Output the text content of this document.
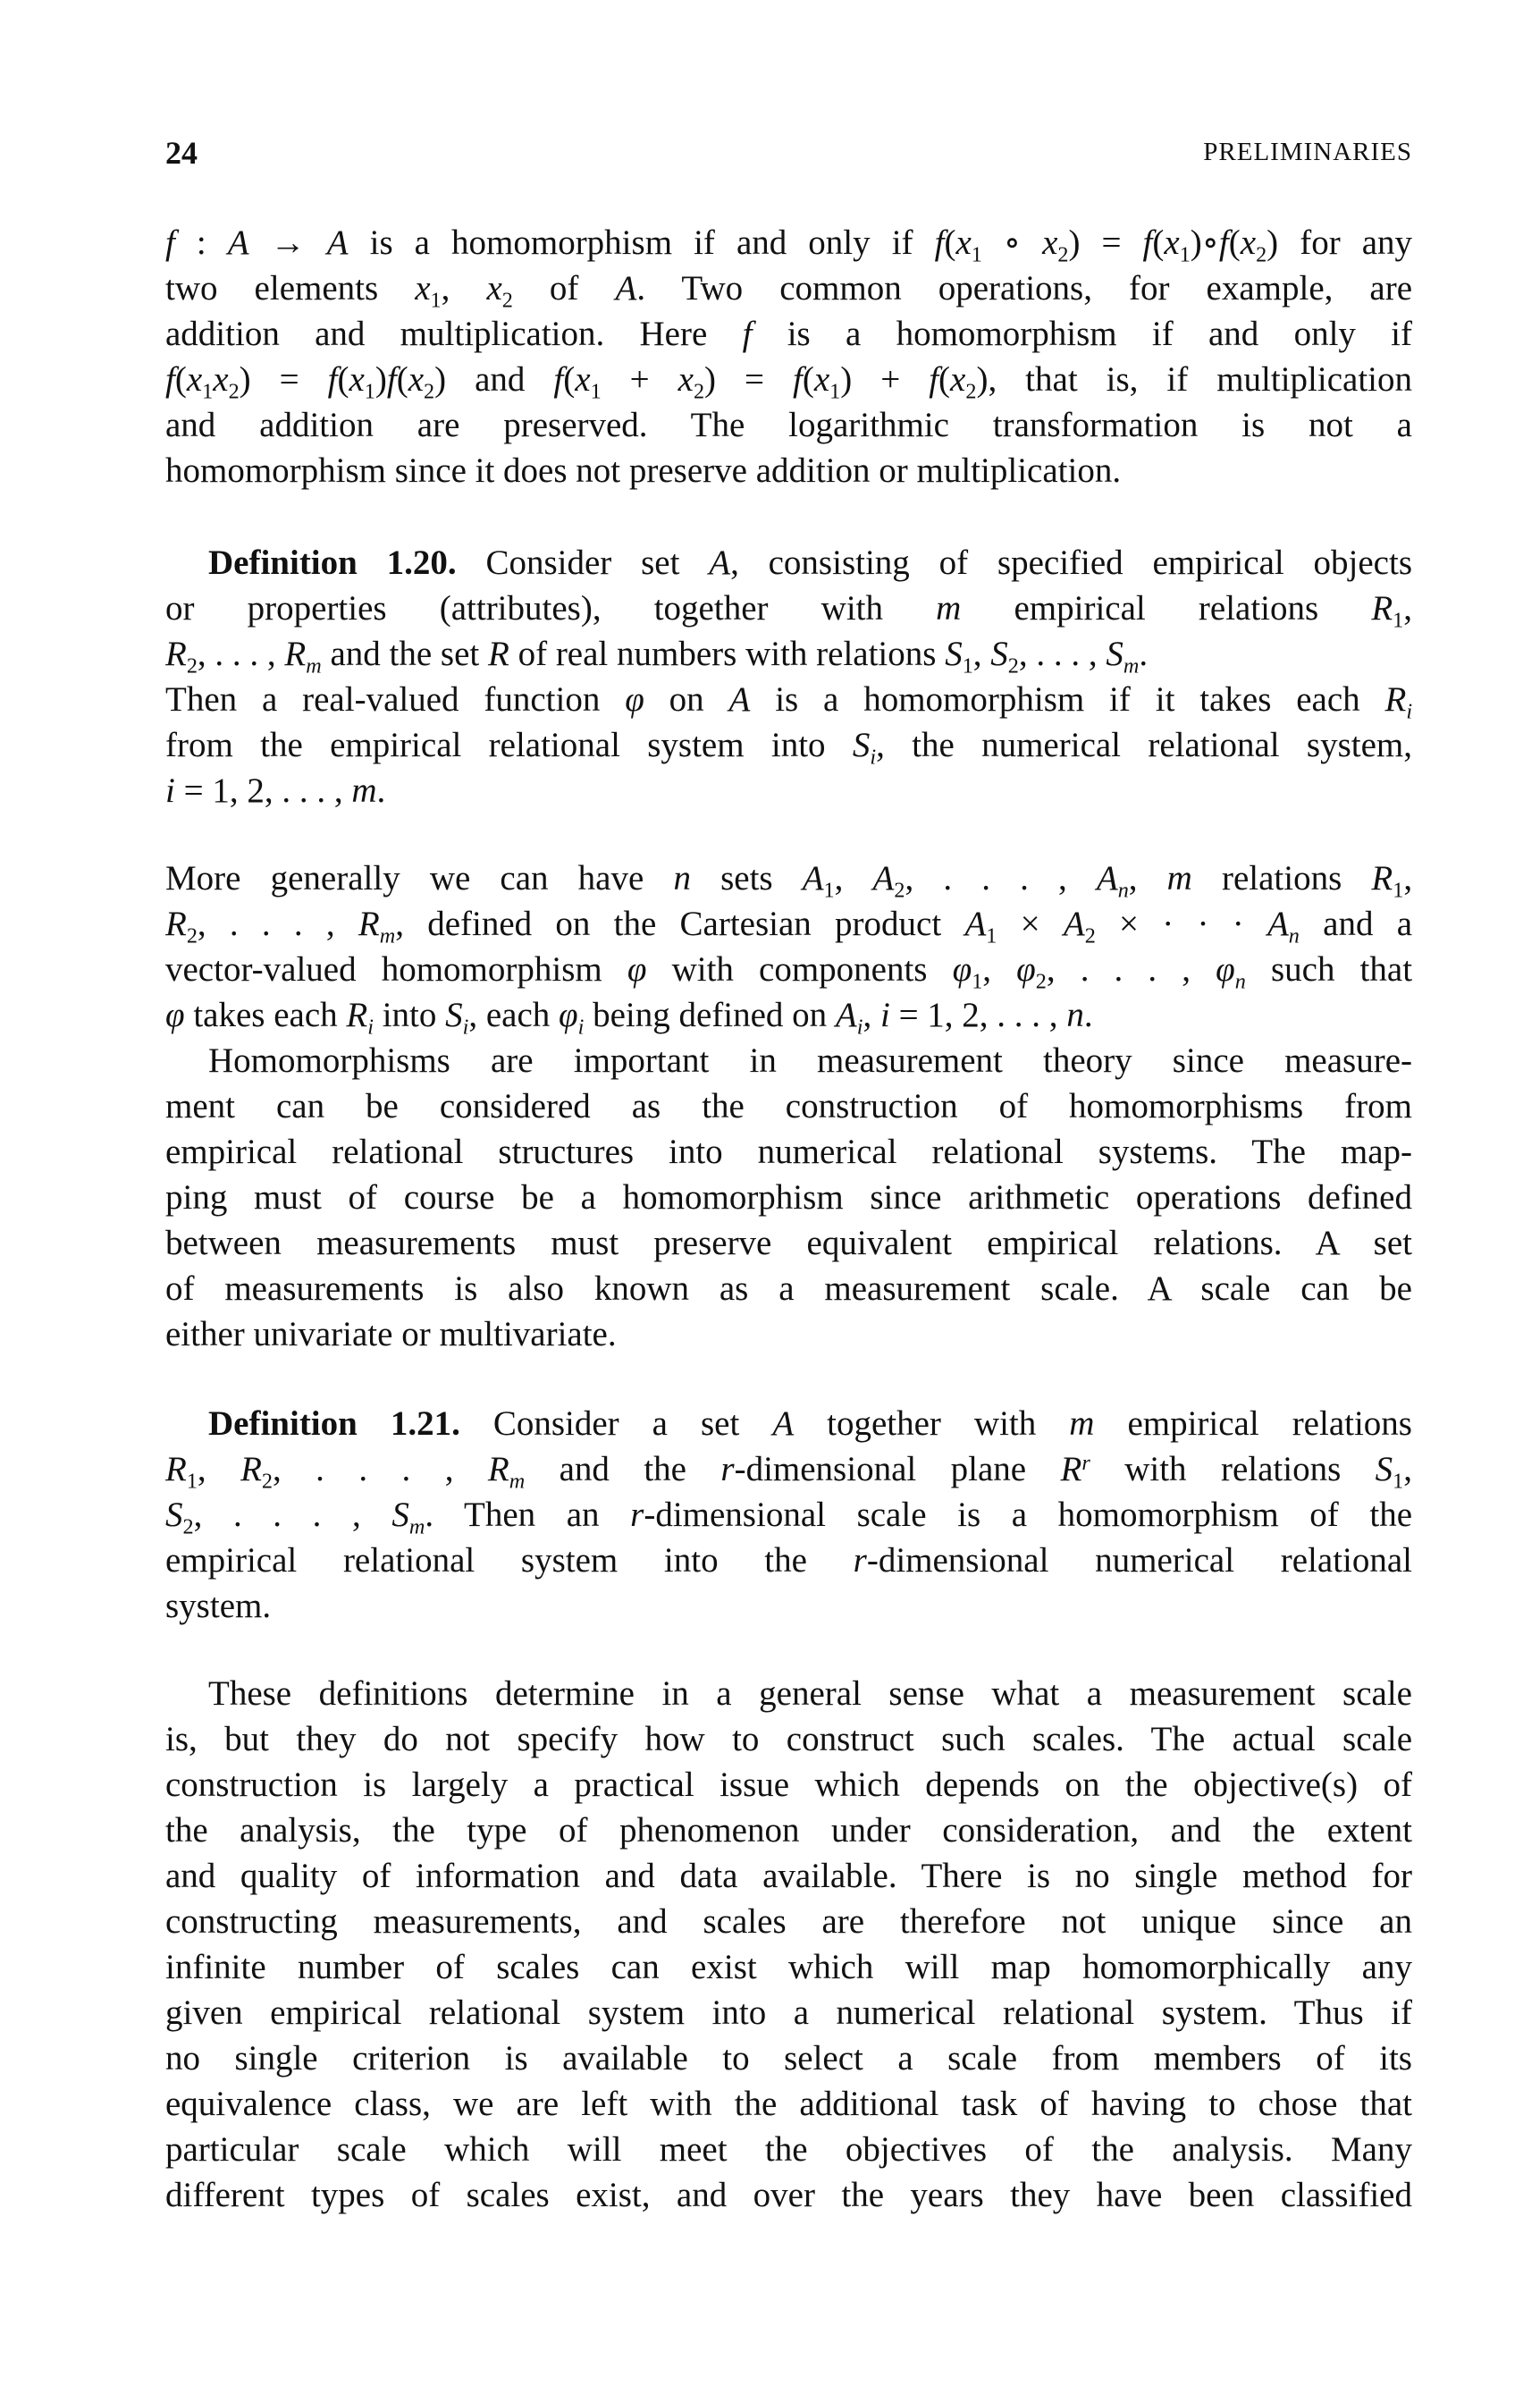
24	PRELIMINARIES
f : A → A is a homomorphism if and only if $f(x_1$ ∘ $x_2$) = $f(x_1)\circ f(x_2)$ for any
two elements $x_1$, $x_2$ of A. Two common operations, for example, are
addition and multiplication. Here f is a homomorphism if and only if
$f(x_1x_2) = f(x_1)f(x_2)$ and $f(x_1 + x_2) = f(x_1) + f(x_2)$, that is, if multiplication
and addition are preserved. The logarithmic transformation is not a
homomorphism since it does not preserve addition or multiplication.
Definition 1.20. Consider set A, consisting of specified empirical objects
or properties (attributes), together with m empirical relations $R_1$,
$R_2$, . . . , $R_m$ and the set R of real numbers with relations $S_1$, $S_2$, . . . , $S_m$.
Then a real-valued function φ on A is a homomorphism if it takes each $R_i$
from the empirical relational system into $S_i$, the numerical relational system,
i = 1, 2, . . . , m.
More generally we can have n sets $A_1$, $A_2$, . . . , $A_n$, m relations $R_1$,
$R_2$, . . . , $R_m$, defined on the Cartesian product $A_1 \times A_2$ × · · · $A_n$ and a
vector-valued homomorphism φ with components $\varphi_1$, $\varphi_2$, . . . , $\varphi_n$ such that
φ takes each $R_i$ into $S_i$, each $\varphi_i$ being defined on $A_i$, i = 1, 2, . . . , n.
Homomorphisms are important in measurement theory since measure-
ment can be considered as the construction of homomorphisms from
empirical relational structures into numerical relational systems. The map-
ping must of course be a homomorphism since arithmetic operations defined
between measurements must preserve equivalent empirical relations. A set
of measurements is also known as a measurement scale. A scale can be
either univariate or multivariate.
Definition 1.21. Consider a set A together with m empirical relations
$R_1$, $R_2$, . . . , $R_m$ and the r-dimensional plane $R^r$ with relations $S_1$,
$S_2$, . . . , $S_m$. Then an r-dimensional scale is a homomorphism of the
empirical relational system into the r-dimensional numerical relational
system.
These definitions determine in a general sense what a measurement scale
is, but they do not specify how to construct such scales. The actual scale
construction is largely a practical issue which depends on the objective(s) of
the analysis, the type of phenomenon under consideration, and the extent
and quality of information and data available. There is no single method for
constructing measurements, and scales are therefore not unique since an
infinite number of scales can exist which will map homomorphically any
given empirical relational system into a numerical relational system. Thus if
no single criterion is available to select a scale from members of its
equivalence class, we are left with the additional task of having to chose that
particular scale which will meet the objectives of the analysis. Many
different types of scales exist, and over the years they have been classified
